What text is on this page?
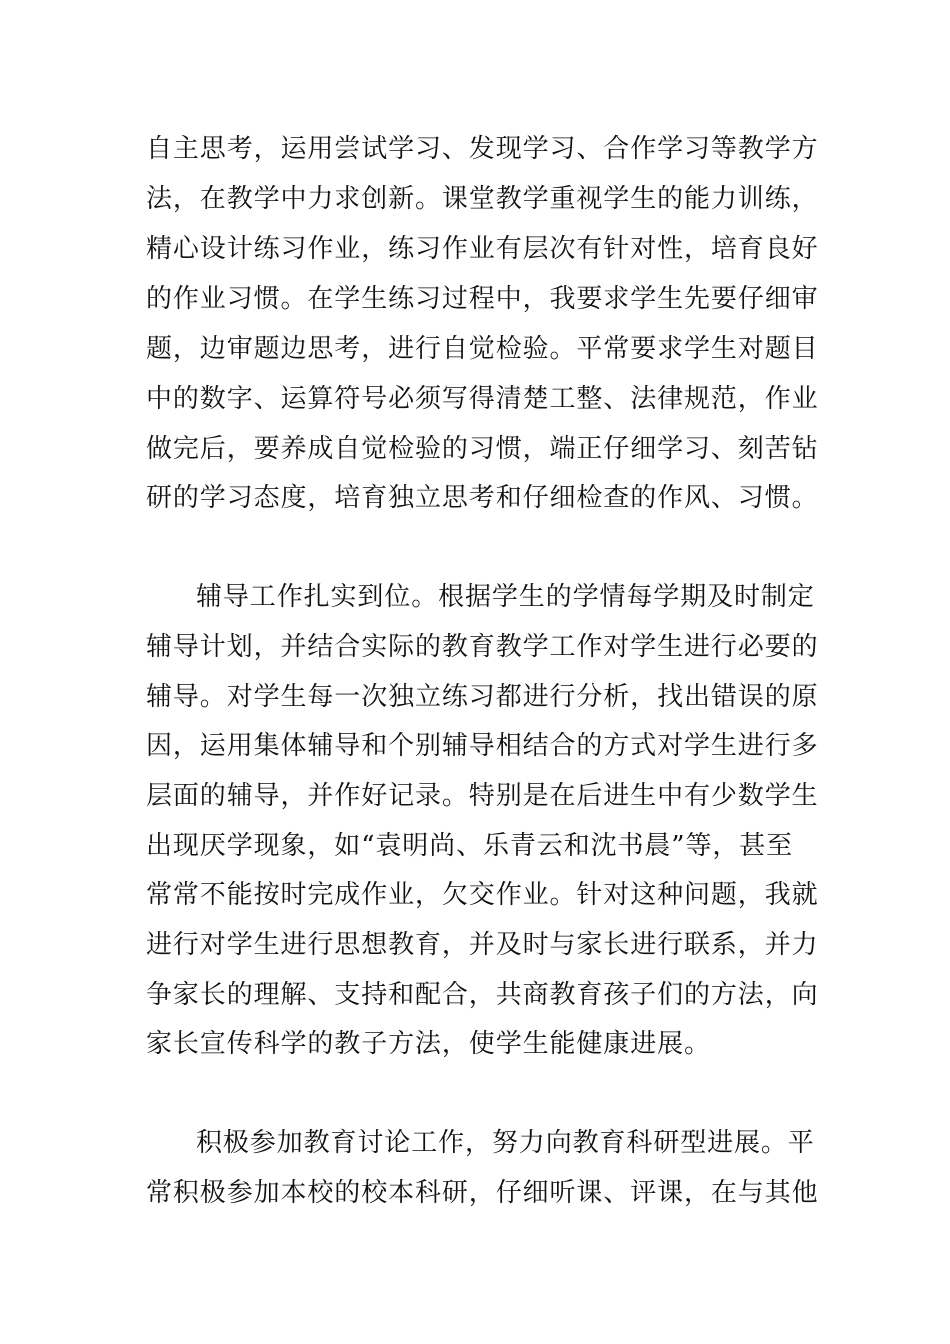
自主思考，运用尝试学习、发现学习、合作学习等教学方
法，在教学中力求创新。课堂教学重视学生的能力训练，
精心设计练习作业，练习作业有层次有针对性，培育良好
的作业习惯。在学生练习过程中，我要求学生先要仔细审
题，边审题边思考，进行自觉检验。平常要求学生对题目
中的数字、运算符号必须写得清楚工整、法律规范，作业
做完后，要养成自觉检验的习惯，端正仔细学习、刻苦钻
研的学习态度，培育独立思考和仔细检查的作风、习惯。
辅导工作扎实到位。根据学生的学情每学期及时制定
辅导计划，并结合实际的教育教学工作对学生进行必要的
辅导。对学生每一次独立练习都进行分析，找出错误的原
因，运用集体辅导和个别辅导相结合的方式对学生进行多
层面的辅导，并作好记录。特别是在后进生中有少数学生
出现厌学现象，如“袁明尚、乐青云和沈书晨”等，甚至
常常不能按时完成作业，欠交作业。针对这种问题，我就
进行对学生进行思想教育，并及时与家长进行联系，并力
争家长的理解、支持和配合，共商教育孩子们的方法，向
家长宣传科学的教子方法，使学生能健康进展。
积极参加教育讨论工作，努力向教育科研型进展。平
常积极参加本校的校本科研，仔细听课、评课，在与其他
